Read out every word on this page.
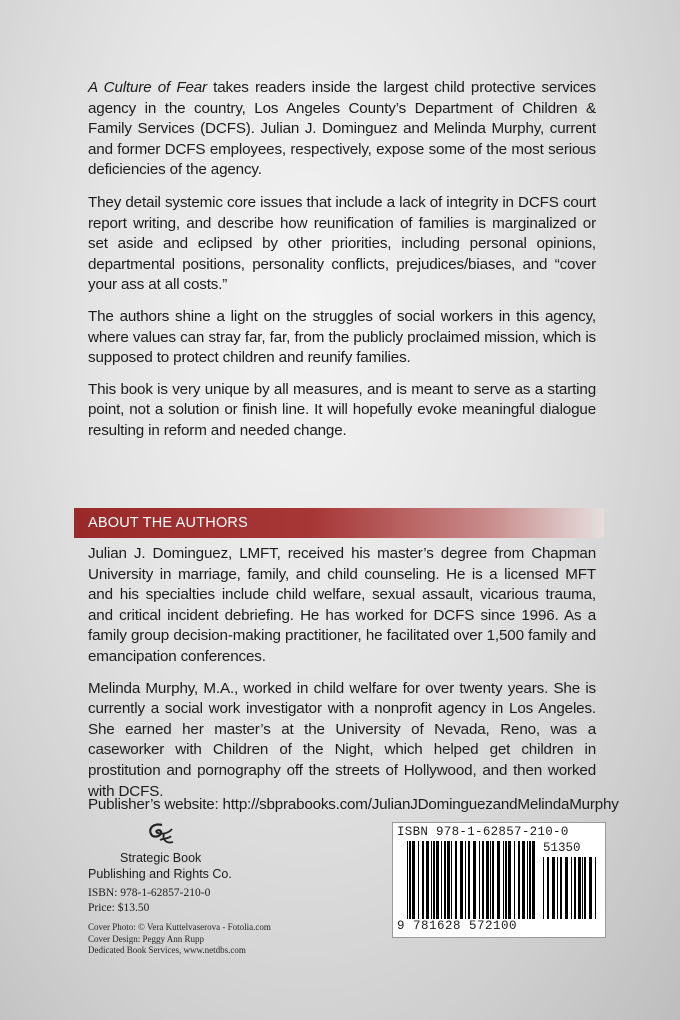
A Culture of Fear takes readers inside the largest child protective services agency in the country, Los Angeles County’s Department of Children & Family Services (DCFS). Julian J. Dominguez and Melinda Murphy, current and former DCFS employees, respectively, expose some of the most serious deficiencies of the agency.

They detail systemic core issues that include a lack of integrity in DCFS court report writing, and describe how reunification of families is marginalized or set aside and eclipsed by other priorities, including personal opinions, departmental positions, personality conflicts, prejudices/biases, and “cover your ass at all costs.”

The authors shine a light on the struggles of social workers in this agency, where values can stray far, far, from the publicly proclaimed mission, which is supposed to protect children and reunify families.

This book is very unique by all measures, and is meant to serve as a starting point, not a solution or finish line. It will hopefully evoke meaningful dialogue resulting in reform and needed change.

ABOUT THE AUTHORS

Julian J. Dominguez, LMFT, received his master’s degree from Chapman University in marriage, family, and child counseling. He is a licensed MFT and his specialties include child welfare, sexual assault, vicarious trauma, and critical incident debriefing. He has worked for DCFS since 1996. As a family group decision-making practitioner, he facilitated over 1,500 family and emancipation conferences.

Melinda Murphy, M.A., worked in child welfare for over twenty years. She is currently a social work investigator with a nonprofit agency in Los Angeles. She earned her master’s at the University of Nevada, Reno, was a caseworker with Children of the Night, which helped get children in prostitution and pornography off the streets of Hollywood, and then worked with DCFS.

Publisher’s website: http://sbprabooks.com/JulianJDominguezandMelindaMurphy
Strategic Book
Publishing and Rights Co.
ISBN: 978-1-62857-210-0
Price: $13.50
Cover Photo: © Vera Kuttelvaserova - Fotolia.com
Cover Design: Peggy Ann Rupp
Dedicated Book Services, www.netdbs.com
ISBN 978-1-62857-210-0
51350
9 781628 572100
